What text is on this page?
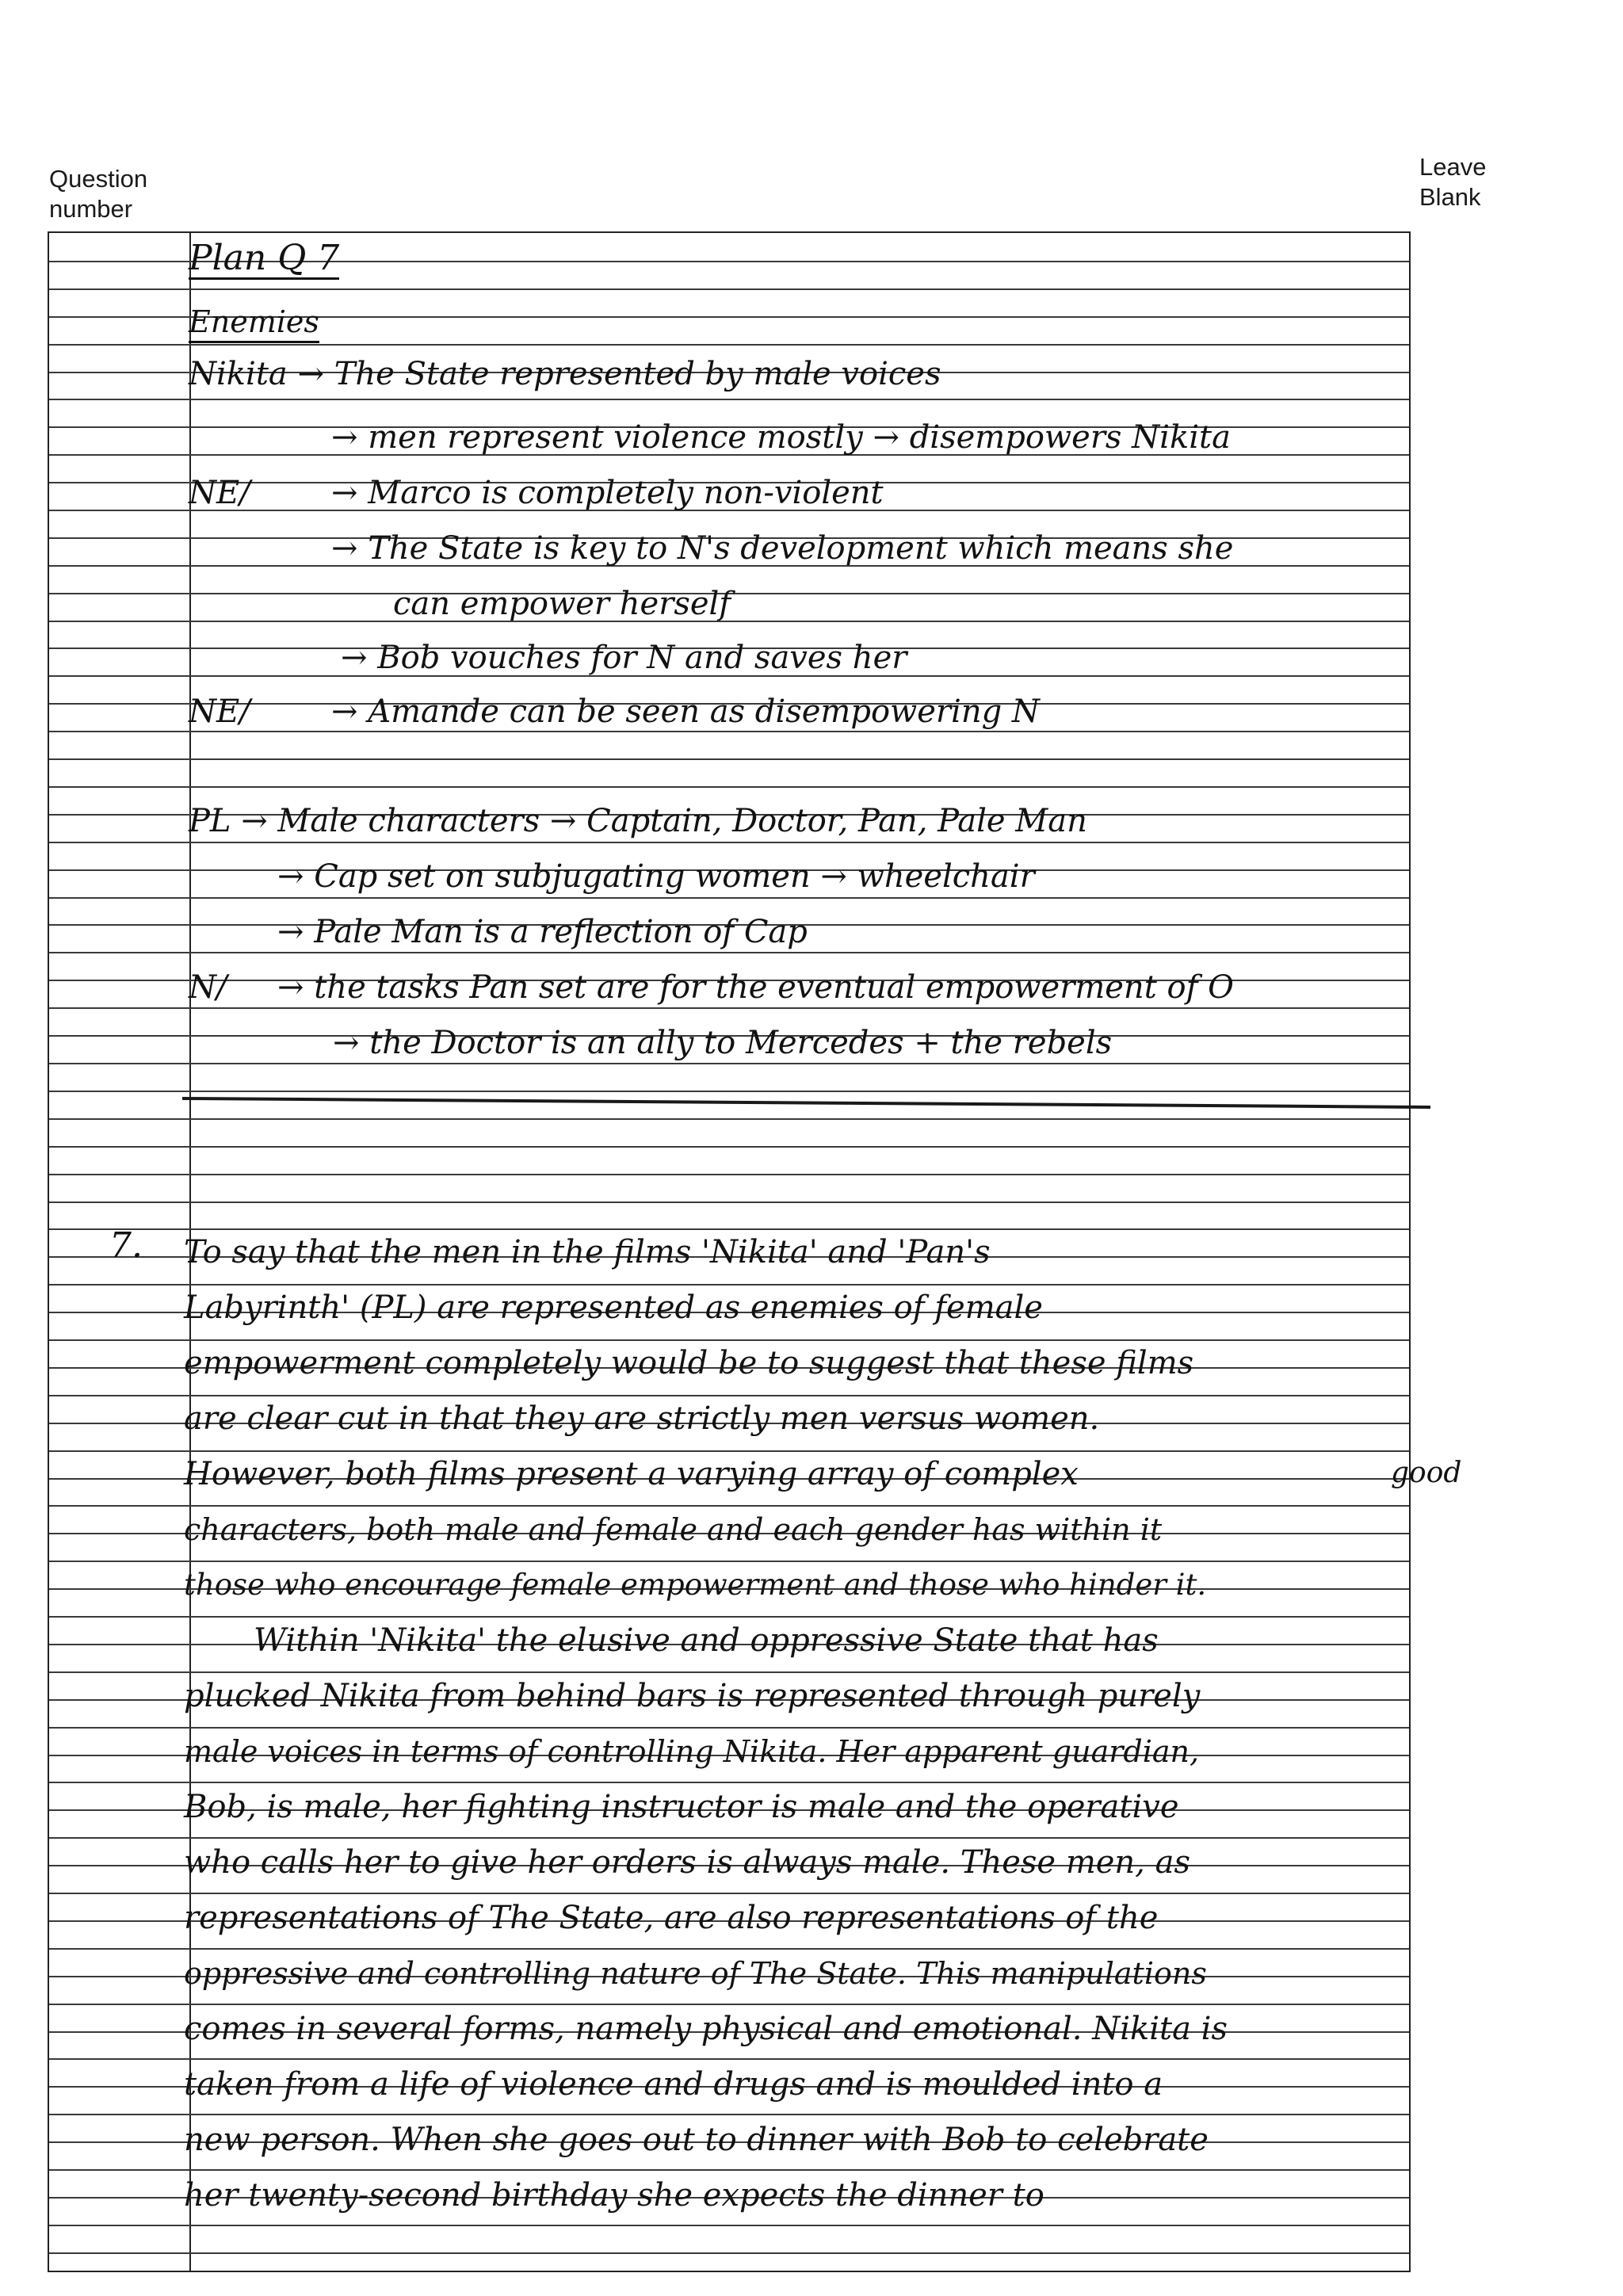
Question
number
Leave
Blank
Plan Q 7
Enemies
Nikita → The State represented by male voices
→ men represent violence mostly → disempowers Nikita
NE/	→ Marco is completely non-violent
→ The State is key to N's development which means she
can empower herself
→ Bob vouches for N and saves her
NE/	→ Amande can be seen as disempowering N
PL → Male characters → Captain, Doctor, Pan, Pale Man
→ Cap set on subjugating women → wheelchair
→ Pale Man is a reflection of Cap
N/ → the tasks Pan set are for the eventual empowerment of O
→ the Doctor is an ally to Mercedes + the rebels
7.
good
To say that the men in the films 'Nikita' and 'Pan's
Labyrinth' (PL) are represented as enemies of female
empowerment completely would be to suggest that these films
are clear cut in that they are strictly men versus women.
However, both films present a varying array of complex
characters, both male and female and each gender has within it
those who encourage female empowerment and those who hinder it.
Within 'Nikita' the elusive and oppressive State that has
plucked Nikita from behind bars is represented through purely
male voices in terms of controlling Nikita. Her apparent guardian,
Bob, is male, her fighting instructor is male and the operative
who calls her to give her orders is always male. These men, as
representations of The State, are also representations of the
oppressive and controlling nature of The State. This manipulations
comes in several forms, namely physical and emotional. Nikita is
taken from a life of violence and drugs and is moulded into a
new person. When she goes out to dinner with Bob to celebrate
her twenty-second birthday she expects the dinner to
